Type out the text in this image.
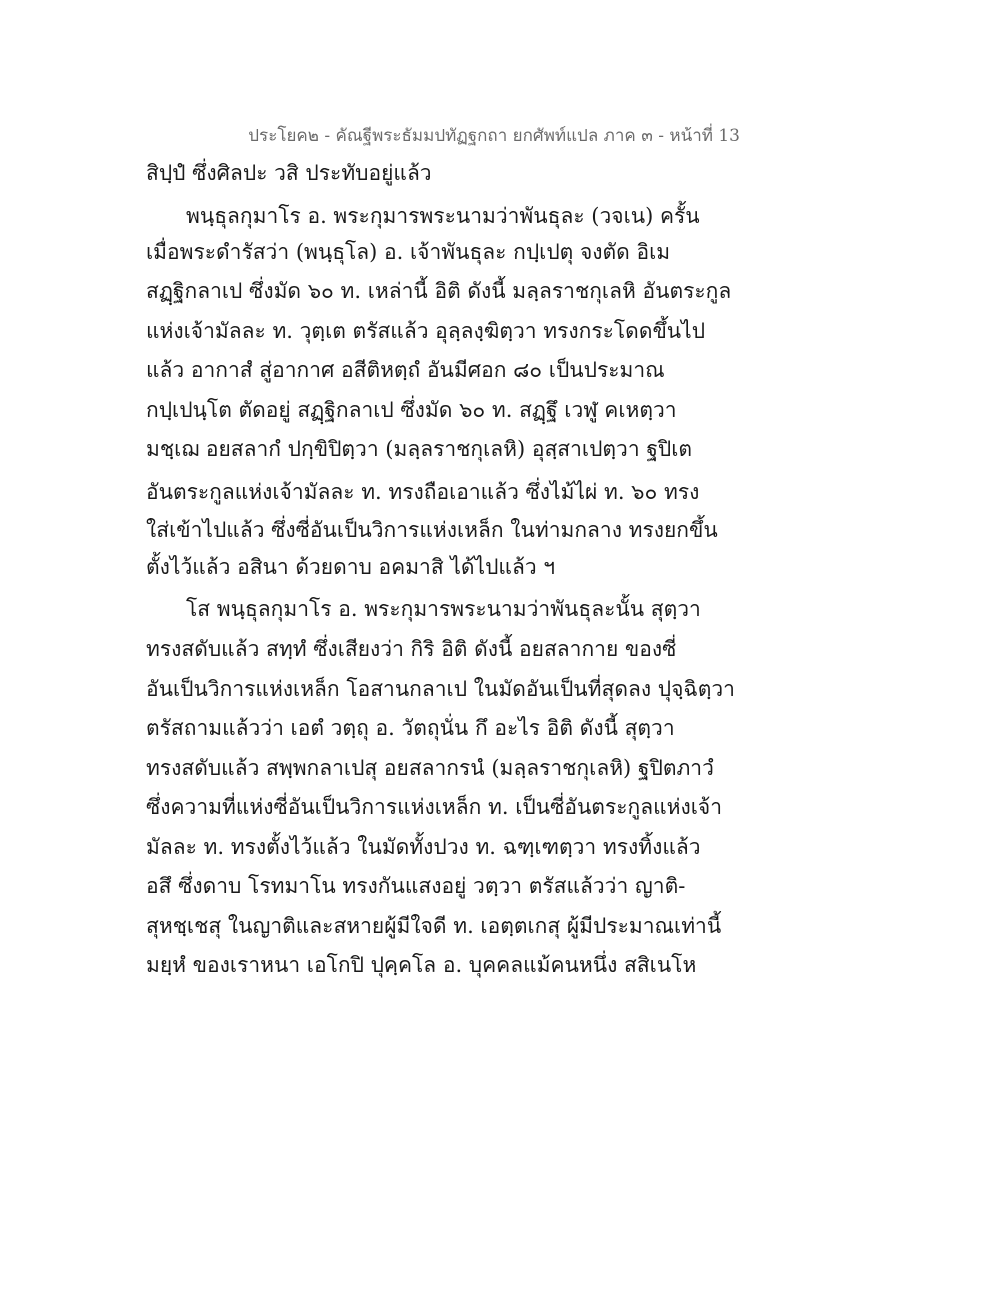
ประโยค๒ - คัณฐีพระธัมมปทัฏฐกถา ยกศัพท์แปล ภาค ๓ - หน้าที่ 13
สิปฺปํ ซึ่งศิลปะ วสิ ประทับอยู่แล้ว
พนฺธุลกุมาโร อ. พระกุมารพระนามว่าพันธุละ (วจเน) ครั้น
เมื่อพระดำรัสว่า (พนฺธุโล) อ. เจ้าพันธุละ กปฺเปตุ จงตัด อิเม
สฏฺฐิกลาเป ซึ่งมัด ๖๐ ท. เหล่านี้ อิติ ดังนี้ มลฺลราชกุเลหิ อันตระกูล
แห่งเจ้ามัลละ ท. วุตฺเต ตรัสแล้ว อุลฺลงฺฆิตฺวา ทรงกระโดดขึ้นไป
แล้ว อากาสํ สู่อากาศ อสีติหตฺถํ อันมีศอก ๘๐ เป็นประมาณ
กปฺเปนฺโต ตัดอยู่ สฏฺฐิกลาเป ซึ่งมัด ๖๐ ท. สฏฺฐึ เวฬู คเหตฺวา
มชฺเฌ อยสลากํ ปกฺขิปิตฺวา (มลฺลราชกุเลหิ) อุสฺสาเปตฺวา ฐปิเต
อันตระกูลแห่งเจ้ามัลละ ท. ทรงถือเอาแล้ว ซึ่งไม้ไผ่ ท. ๖๐ ทรง
ใส่เข้าไปแล้ว ซึ่งซี่อันเป็นวิการแห่งเหล็ก ในท่ามกลาง ทรงยกขึ้น
ตั้งไว้แล้ว อสินา ด้วยดาบ อคมาสิ ได้ไปแล้ว ฯ
โส พนฺธุลกุมาโร อ. พระกุมารพระนามว่าพันธุละนั้น สุตฺวา
ทรงสดับแล้ว สทฺทํ ซึ่งเสียงว่า กิริ อิติ ดังนี้ อยสลากาย ของซี่
อันเป็นวิการแห่งเหล็ก โอสานกลาเป ในมัดอันเป็นที่สุดลง ปุจฺฉิตฺวา
ตรัสถามแล้วว่า เอตํ วตฺถุ อ. วัตถุนั่น กึ อะไร อิติ ดังนี้ สุตฺวา
ทรงสดับแล้ว สพฺพกลาเปสุ อยสลากรนํ (มลฺลราชกุเลหิ) ฐปิตภาวํ
ซึ่งความที่แห่งซี่อันเป็นวิการแห่งเหล็ก ท. เป็นซี่อันตระกูลแห่งเจ้า
มัลละ ท. ทรงตั้งไว้แล้ว ในมัดทั้งปวง ท. ฉฑฺเฑตฺวา ทรงทิ้งแล้ว
อสึ ซึ่งดาบ โรทมาโน ทรงกันแสงอยู่ วตฺวา ตรัสแล้วว่า ญาติ-
สุหชฺเชสุ ในญาติและสหายผู้มีใจดี ท. เอตฺตเกสุ ผู้มีประมาณเท่านี้
มยฺหํ ของเราหนา เอโกปิ ปุคฺคโล อ. บุคคลแม้คนหนึ่ง สสิเนโห
